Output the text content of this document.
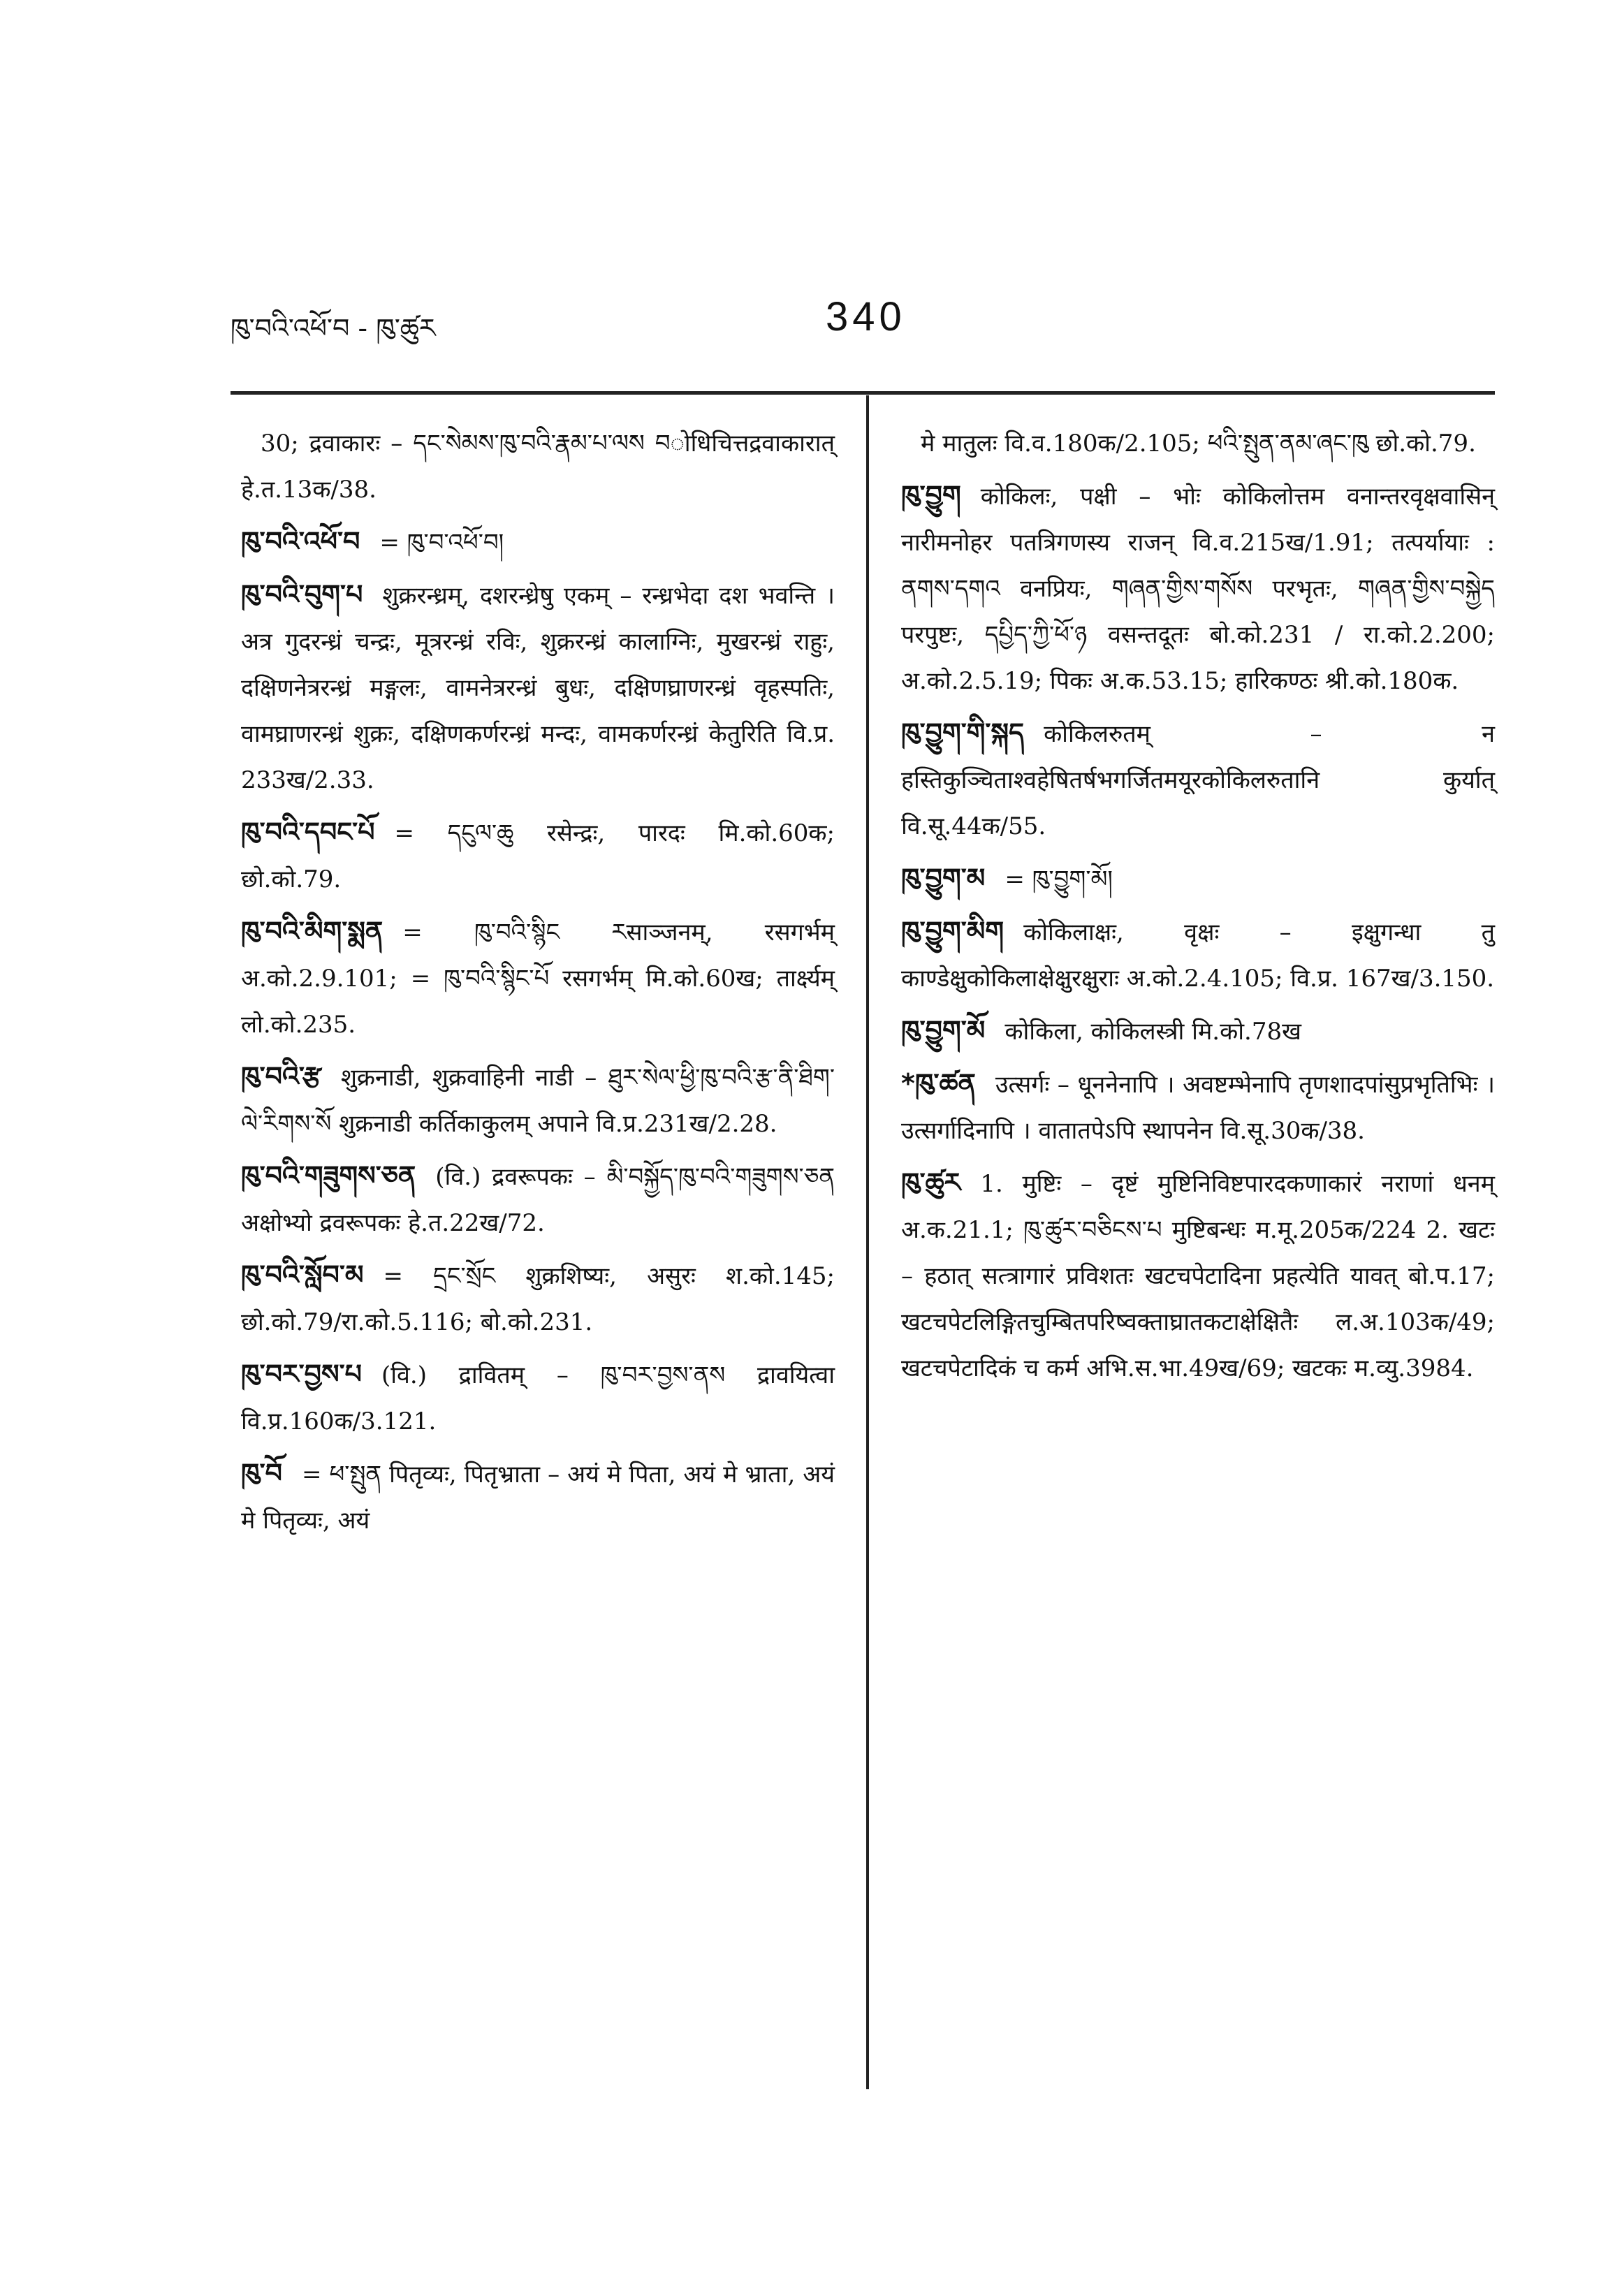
ཁུ་བའི་འཕོ་བ - ཁུ་ཚུར	340
30; द्रवाकारः – དང་སེམས་ཁུ་བའི་རྣམ་པ་ལས བोधिचित्तद्रवाकारात् हे.त.13क/38.
ཁུ་བའི་འཕོ་བ = ཁུ་བ་འཕོ་བ།
ཁུ་བའི་བུག་པ शुक्ररन्ध्रम्, दशरन्ध्रेषु एकम् – रन्ध्रभेदा दश भवन्ति । अत्र गुदरन्ध्रं चन्द्रः, मूत्ररन्ध्रं रविः, शुक्ररन्ध्रं कालाग्निः, मुखरन्ध्रं राहुः, दक्षिणनेत्ररन्ध्रं मङ्गलः, वामनेत्ररन्ध्रं बुधः, दक्षिणघ्राणरन्ध्रं वृहस्पतिः, वामघ्राणरन्ध्रं शुक्रः, दक्षिणकर्णरन्ध्रं मन्दः, वामकर्णरन्ध्रं केतुरिति वि.प्र. 233ख/2.33.
ཁུ་བའི་དབང་པོ = དངུལ་ཆུ रसेन्द्रः, पारदः मि.को.60क; छो.को.79.
ཁུ་བའི་མིག་སྨན = ཁུ་བའི་སྙིང རसाञ्जनम्, रसगर्भम् अ.को.2.9.101; = ཁུ་བའི་སྙིང་པོ रसगर्भम् मि.को.60ख; तार्क्ष्यम् लो.को.235.
ཁུ་བའི་རྩ शुक्रनाडी, शुक्रवाहिनी नाडी – ཐུར་སེལ་ཕྱི་ཁུ་བའི་རྩ་ནི་ཐིག་ལེ་རིགས་སོ शुक्रनाडी कर्तिकाकुलम् अपाने वि.प्र.231ख/2.28.
ཁུ་བའི་གཟུགས་ཅན (वि.) द्रवरूपकः – མི་བསྐྱོད་ཁུ་བའི་གཟུགས་ཅན अक्षोभ्यो द्रवरूपकः हे.त.22ख/72.
ཁུ་བའི་སློབ་མ = དྲང་སྲོང शुक्रशिष्यः, असुरः श.को.145; छो.को.79/रा.को.5.116; बो.को.231.
ཁུ་བར་བྱས་པ (वि.) द्रावितम् – ཁུ་བར་བྱས་ནས द्रावयित्वा वि.प्र.160क/3.121.
ཁུ་བོ = ཕ་སྤུན पितृव्यः, पितृभ्राता – अयं मे पिता, अयं मे भ्राता, अयं मे पितृव्यः, अयं
मे मातुलः वि.व.180क/2.105; ཕའི་སྤུན་ནམ་ཞང་ཁུ छो.को.79.
ཁུ་བྱུག कोकिलः, पक्षी – भोः कोकिलोत्तम वनान्तरवृक्षवासिन् नारीमनोहर पतत्रिगणस्य राजन् वि.व.215ख/1.91; तत्पर्यायाः : ནགས་དགའ वनप्रियः, གཞན་གྱིས་གསོས परभृतः, གཞན་གྱིས་བསྐྱེད परपुष्टः, དཔྱིད་ཀྱི་ཕོ་ཉ वसन्तदूतः बो.को.231 / रा.को.2.200; अ.को.2.5.19; पिकः अ.क.53.15; हारिकण्ठः श्री.को.180क.
ཁུ་བྱུག་གི་སྐད कोकिलरुतम् – न हस्तिकुञ्चिताश्वहेषितर्षभगर्जितमयूरकोकिलरुतानि कुर्यात् वि.सू.44क/55.
ཁུ་བྱུག་མ = ཁུ་བྱུག་མོ།
ཁུ་བྱུག་མིག कोकिलाक्षः, वृक्षः – इक्षुगन्धा तु काण्डेक्षुकोकिलाक्षेक्षुरक्षुराः अ.को.2.4.105; वि.प्र. 167ख/3.150.
ཁུ་བྱུག་མོ कोकिला, कोकिलस्त्री मि.को.78ख
*ཁུ་ཚན उत्सर्गः – धूननेनापि । अवष्टम्भेनापि तृणशादपांसुप्रभृतिभिः । उत्सर्गादिनापि । वातातपेऽपि स्थापनेन वि.सू.30क/38.
ཁུ་ཚུར 1. मुष्टिः – दृष्टं मुष्टिनिविष्टपारदकणाकारं नराणां धनम् अ.क.21.1; ཁུ་ཚུར་བཅིངས་པ मुष्टिबन्धः म.मू.205क/224 2. खटः – हठात् सत्त्रागारं प्रविशतः खटचपेटादिना प्रहत्येति यावत् बो.प.17; खटचपेटलिङ्गितचुम्बितपरिष्वक्ताघ्रातकटाक्षेक्षितैः ल.अ.103क/49; खटचपेटादिकं च कर्म अभि.स.भा.49ख/69; खटकः म.व्यु.3984.
